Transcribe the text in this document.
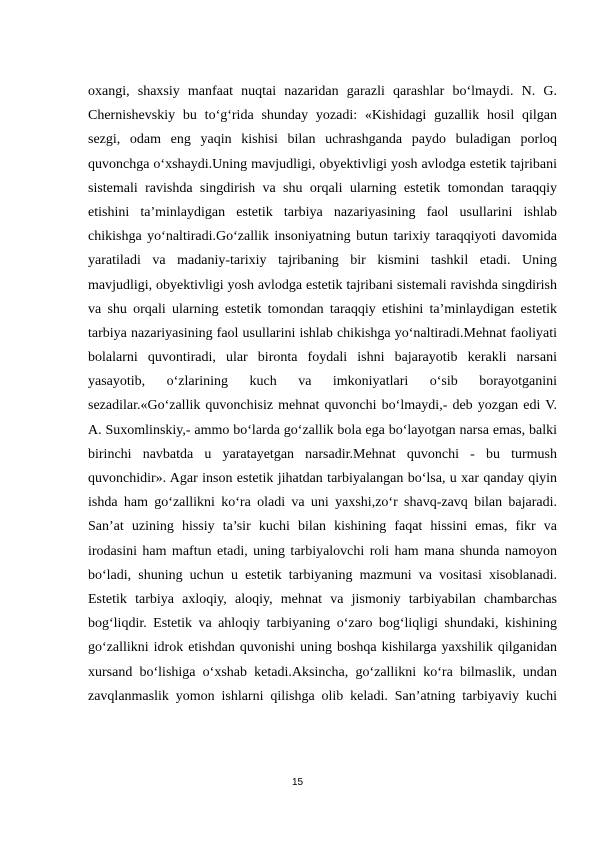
oxangi, shaxsiy manfaat nuqtai nazaridan garazli qarashlar bo‘lmaydi. N. G.
Chernishevskiy bu to‘g‘rida shunday yozadi: «Kishidagi guzallik hosil qilgan
sezgi, odam eng yaqin kishisi bilan uchrashganda paydo buladigan porloq
quvonchga o‘xshaydi.Uning mavjudligi, obyektivligi yosh avlodga estetik tajribani
sistemali ravishda singdirish va shu orqali ularning estetik tomondan taraqqiy
etishini ta’minlaydigan estetik tarbiya nazariyasining faol usullarini ishlab
chikishga yo‘naltiradi.Go‘zallik insoniyatning butun tarixiy taraqqiyoti davomida
yaratiladi va madaniy-tarixiy tajribaning bir kismini tashkil etadi. Uning
mavjudligi, obyektivligi yosh avlodga estetik tajribani sistemali ravishda singdirish
va shu orqali ularning estetik tomondan taraqqiy etishini ta’minlaydigan estetik
tarbiya nazariyasining faol usullarini ishlab chikishga yo‘naltiradi.Mehnat faoliyati
bolalarni quvontiradi, ular bironta foydali ishni bajarayotib kerakli narsani
yasayotib, o‘zlarining kuch va imkoniyatlari o‘sib borayotganini
sezadilar.«Go‘zallik quvonchisiz mehnat quvonchi bo‘lmaydi,- deb yozgan edi V.
A. Suxomlinskiy,- ammo bo‘larda go‘zallik bola ega bo‘layotgan narsa emas, balki
birinchi navbatda u yaratayetgan narsadir.Mehnat quvonchi - bu turmush
quvonchidir». Agar inson estetik jihatdan tarbiyalangan bo‘lsa, u xar qanday qiyin
ishda ham go‘zallikni ko‘ra oladi va uni yaxshi,zo‘r shavq-zavq bilan bajaradi.
San’at uzining hissiy ta’sir kuchi bilan kishining faqat hissini emas, fikr va
irodasini ham maftun etadi, uning tarbiyalovchi roli ham mana shunda namoyon
bo‘ladi, shuning uchun u estetik tarbiyaning mazmuni va vositasi xisoblanadi.
Estetik tarbiya axloqiy, aloqiy, mehnat va jismoniy tarbiyabilan chambarchas
bog‘liqdir. Estetik va ahloqiy tarbiyaning o‘zaro bog‘liqligi shundaki, kishining
go‘zallikni idrok etishdan quvonishi uning boshqa kishilarga yaxshilik qilganidan
xursand bo‘lishiga o‘xshab ketadi.Aksincha, go‘zallikni ko‘ra bilmaslik, undan
zavqlanmaslik yomon ishlarni qilishga olib keladi. San’atning tarbiyaviy kuchi
15
